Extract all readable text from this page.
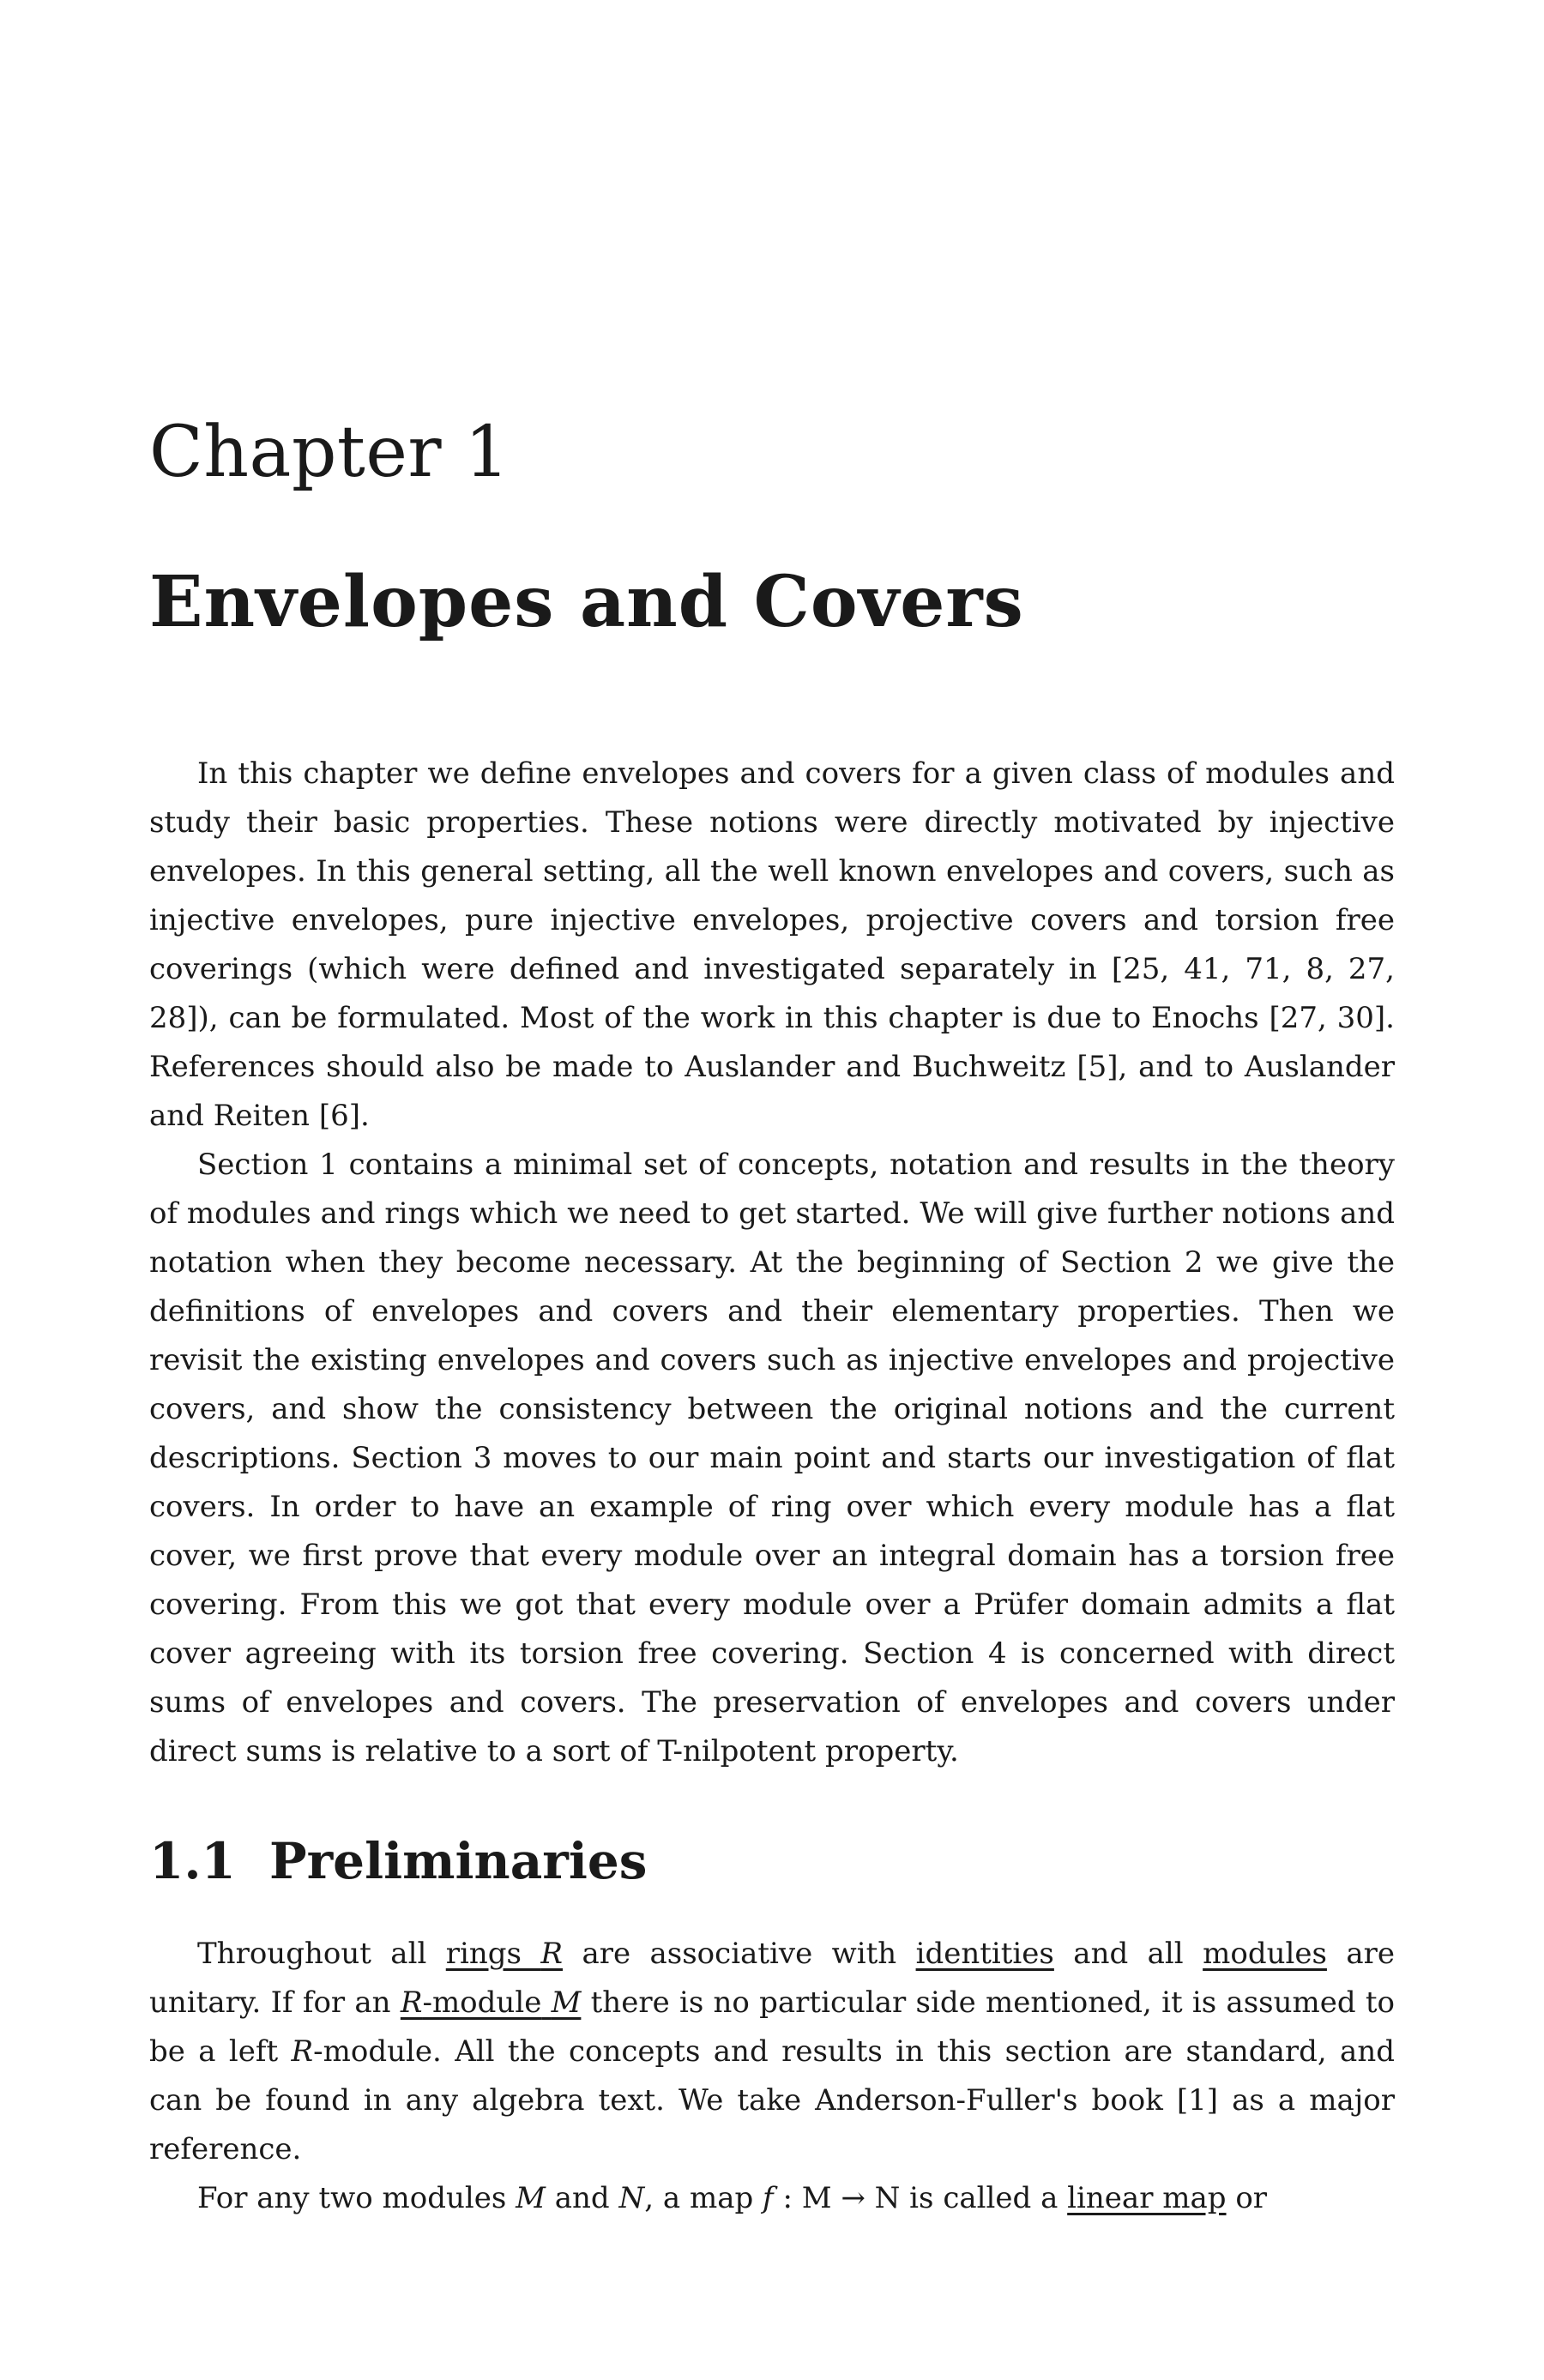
Chapter 1
Envelopes and Covers

In this chapter we define envelopes and covers for a given class of modules and study their basic properties. These notions were directly motivated by injective envelopes. In this general setting, all the well known envelopes and covers, such as injective envelopes, pure injective envelopes, projective covers and torsion free coverings (which were defined and investigated separately in [25, 41, 71, 8, 27, 28]), can be formulated. Most of the work in this chapter is due to Enochs [27, 30]. References should also be made to Auslander and Buchweitz [5], and to Auslander and Reiten [6].

Section 1 contains a minimal set of concepts, notation and results in the theory of modules and rings which we need to get started. We will give further notions and notation when they become necessary. At the beginning of Section 2 we give the definitions of envelopes and covers and their elementary properties. Then we revisit the existing envelopes and covers such as injective envelopes and projective covers, and show the consistency between the original notions and the current descriptions. Section 3 moves to our main point and starts our investigation of flat covers. In order to have an example of ring over which every module has a flat cover, we first prove that every module over an integral domain has a torsion free covering. From this we got that every module over a Prüfer domain admits a flat cover agreeing with its torsion free covering. Section 4 is concerned with direct sums of envelopes and covers. The preservation of envelopes and covers under direct sums is relative to a sort of T-nilpotent property.

1.1 Preliminaries

Throughout all rings R are associative with identities and all modules are unitary. If for an R-module M there is no particular side mentioned, it is assumed to be a left R-module. All the concepts and results in this section are standard, and can be found in any algebra text. We take Anderson-Fuller's book [1] as a major reference.

For any two modules M and N, a map f : M → N is called a linear map or
